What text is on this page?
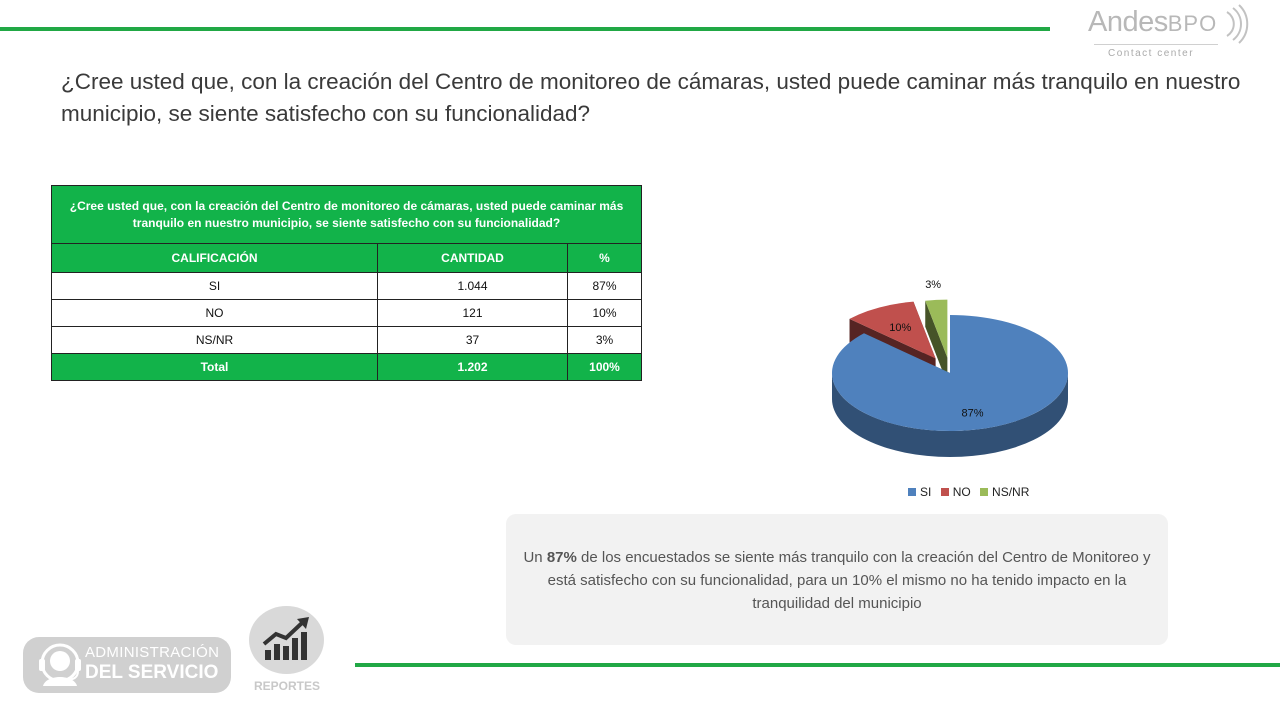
AndesBPO
Contact center
¿Cree usted que, con la creación del Centro de monitoreo de cámaras, usted puede caminar más tranquilo en nuestro municipio, se siente satisfecho con su funcionalidad?
¿Cree usted que, con la creación del Centro de monitoreo de cámaras, usted puede caminar más tranquilo en nuestro municipio, se siente satisfecho con su funcionalidad?		
CALIFICACIÓN	CANTIDAD	%
SI	1.044	87%
NO	121	10%
NS/NR	37	3%
Total	1.202	100%
87%
10%
3%
SI NO NS/NR

Un 87% de los encuestados se siente más tranquilo con la creación del Centro de Monitoreo y está satisfecho con su funcionalidad, para un 10% el mismo no ha tenido impacto en la tranquilidad del municipio

ADMINISTRACIÓN
DEL SERVICIO
REPORTES
